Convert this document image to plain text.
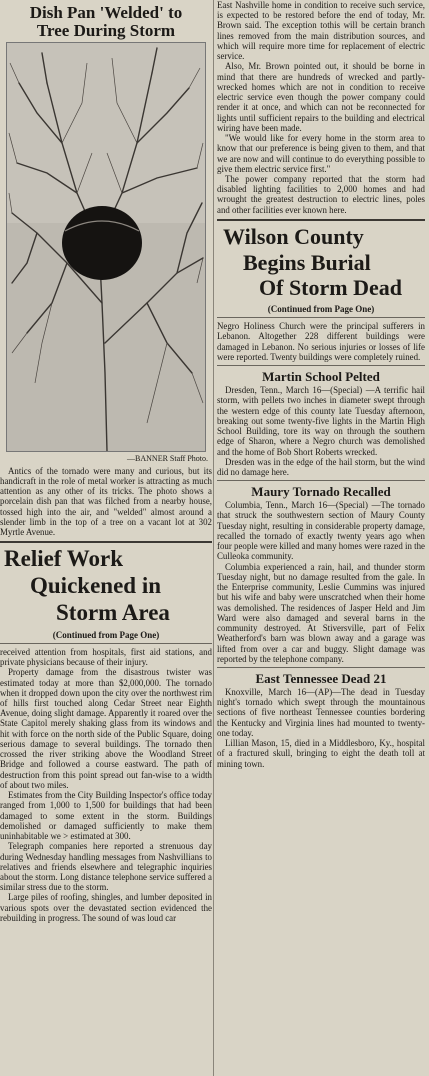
Dish Pan 'Welded' to
Tree During Storm
—BANNER Staff Photo.

Antics of the tornado were many and curious, but its handicraft in the role of metal worker is attracting as much attention as any other of its tricks. The photo shows a porcelain dish pan that was filched from a nearby house, tossed high into the air, and "welded" almost around a slender limb in the top of a tree on a vacant lot at 302 Myrtle Avenue.

Relief Work
Quickened in
Storm Area
(Continued from Page One)

received attention from hospitals, first aid stations, and private physicians because of their injury.

Property damage from the disastrous twister was estimated today at more than $2,000,000. The tornado when it dropped down upon the city over the northwest rim of hills first touched along Cedar Street near Eighth Avenue, doing slight damage. Apparently it roared over the State Capitol merely shaking glass from its windows and hit with force on the north side of the Public Square, doing serious damage to several buildings. The tornado then crossed the river striking above the Woodland Street Bridge and followed a course eastward. The path of destruction from this point spread out fan-wise to a width of about two miles.

Estimates from the City Building Inspector's office today ranged from 1,000 to 1,500 for buildings that had been damaged to some extent in the storm. Buildings demolished or damaged sufficiently to make them uninhabitable we > estimated at 300.

Telegraph companies here reported a strenuous day during Wednesday handling messages from Nashvillians to relatives and friends elsewhere and telegraphic inquiries about the storm. Long distance telephone service suffered a similar stress due to the storm.

Large piles of roofing, shingles, and lumber deposited in various spots over the devastated section evidenced the rebuilding in progress. The sound of was loud car

East Nashville home in condition to receive such service, is expected to be restored before the end of today, Mr. Brown said. The exception tothis will be certain branch lines removed from the main distribution sources, and which will require more time for replacement of electric service.

Also, Mr. Brown pointed out, it should be borne in mind that there are hundreds of wrecked and partly-wrecked homes which are not in condition to receive electric service even though the power company could render it at once, and which can not be reconnected for lights until sufficient repairs to the building and electrical wiring have been made.

"We would like for every home in the storm area to know that our preference is being given to them, and that we are now and will continue to do everything possible to give them electric service first."

The power company reported that the storm had disabled lighting facilities to 2,000 homes and had wrought the greatest destruction to electric lines, poles and other facilities ever known here.

Wilson County
Begins Burial
Of Storm Dead
(Continued from Page One)

Negro Holiness Church were the principal sufferers in Lebanon. Altogether 228 different buildings were damaged in Lebanon. No serious injuries or losses of life were reported. Twenty buildings were completely ruined.

Martin School Pelted

Dresden, Tenn., March 16—(Special) —A terrific hail storm, with pellets two inches in diameter swept through the western edge of this county late Tuesday afternoon, breaking out some twenty-five lights in the Martin High School Building, tore its way on through the southern edge of Sharon, where a Negro church was demolished and the home of Bob Short Roberts wrecked.

Dresden was in the edge of the hail storm, but the wind did no damage here.

Maury Tornado Recalled

Columbia, Tenn., March 16—(Special) —The tornado that struck the southwestern section of Maury County Tuesday night, resulting in considerable property damage, recalled the tornado of exactly twenty years ago when four people were killed and many homes were razed in the Culleoka community.

Columbia experienced a rain, hail, and thunder storm Tuesday night, but no damage resulted from the gale. In the Enterprise community, Leslie Cummins was injured but his wife and baby were unscratched when their home was demolished. The residences of Jasper Held and Jim Ward were also damaged and several barns in the community destroyed. At Stiversville, part of Felix Weatherford's barn was blown away and a garage was lifted from over a car and buggy. Slight damage was reported by the telephone company.

East Tennessee Dead 21

Knoxville, March 16—(AP)—The dead in Tuesday night's tornado which swept through the mountainous sections of five northeast Tennessee counties bordering the Kentucky and Virginia lines had mounted to twenty-one today.

Lillian Mason, 15, died in a Middlesboro, Ky., hospital of a fractured skull, bringing to eight the death toll at mining town.
